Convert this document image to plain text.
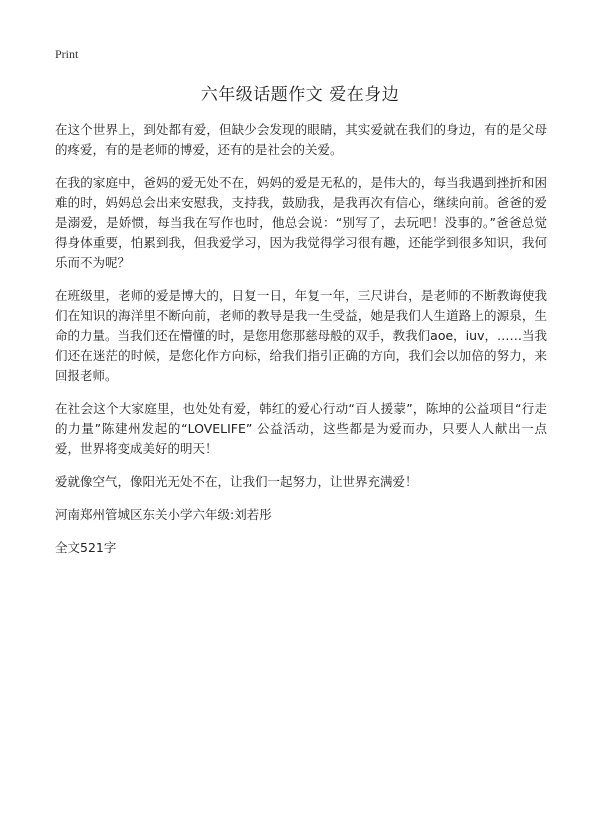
Print
六年级话题作文 爱在身边

在这个世界上，到处都有爱，但缺少会发现的眼睛，其实爱就在我们的身边，有的是父母的疼爱，有的是老师的博爱，还有的是社会的关爱。

在我的家庭中，爸妈的爱无处不在，妈妈的爱是无私的，是伟大的，每当我遇到挫折和困难的时，妈妈总会出来安慰我，支持我，鼓励我，是我再次有信心，继续向前。爸爸的爱是溺爱，是娇惯，每当我在写作也时，他总会说：“别写了，去玩吧！没事的。”爸爸总觉得身体重要，怕累到我，但我爱学习，因为我觉得学习很有趣，还能学到很多知识，我何乐而不为呢？

在班级里，老师的爱是博大的，日复一日，年复一年，三尺讲台，是老师的不断教诲使我们在知识的海洋里不断向前，老师的教导是我一生受益，她是我们人生道路上的源泉，生命的力量。当我们还在懵懂的时，是您用您那慈母般的双手，教我们aoe，iuv，……当我们还在迷茫的时候，是您化作方向标，给我们指引正确的方向，我们会以加倍的努力，来回报老师。

在社会这个大家庭里，也处处有爱，韩红的爱心行动“百人援蒙”，陈坤的公益项目“行走的力量”陈建州发起的“LOVELIFE” 公益活动，这些都是为爱而办，只要人人献出一点爱，世界将变成美好的明天！

爱就像空气，像阳光无处不在，让我们一起努力，让世界充满爱！

河南郑州管城区东关小学六年级:刘若彤

全文521字
